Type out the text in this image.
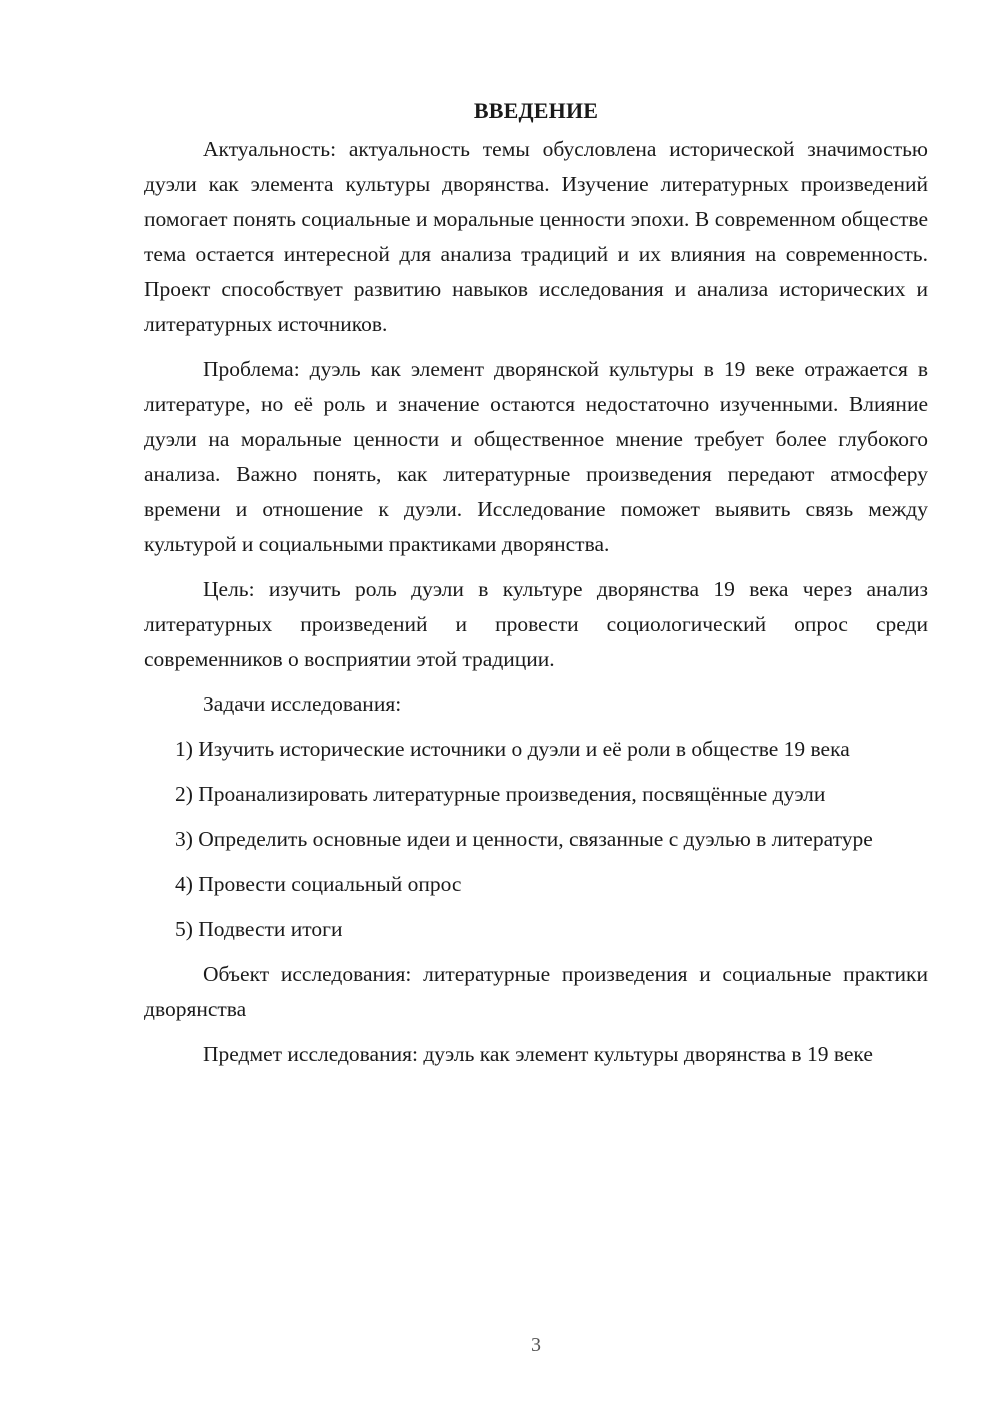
ВВЕДЕНИЕ

Актуальность: актуальность темы обусловлена исторической значимостью дуэли как элемента культуры дворянства. Изучение литературных произведений помогает понять социальные и моральные ценности эпохи. В современном обществе тема остается интересной для анализа традиций и их влияния на современность. Проект способствует развитию навыков исследования и анализа исторических и литературных источников.

Проблема: дуэль как элемент дворянской культуры в 19 веке отражается в литературе, но её роль и значение остаются недостаточно изученными. Влияние дуэли на моральные ценности и общественное мнение требует более глубокого анализа. Важно понять, как литературные произведения передают атмосферу времени и отношение к дуэли. Исследование поможет выявить связь между культурой и социальными практиками дворянства.

Цель: изучить роль дуэли в культуре дворянства 19 века через анализ литературных произведений и провести социологический опрос среди современников о восприятии этой традиции.

Задачи исследования:

1) Изучить исторические источники о дуэли и её роли в обществе 19 века
2) Проанализировать литературные произведения, посвящённые дуэли
3) Определить основные идеи и ценности, связанные с дуэлью в литературе
4) Провести социальный опрос
5) Подвести итоги

Объект исследования: литературные произведения и социальные практики дворянства

Предмет исследования: дуэль как элемент культуры дворянства в 19 веке

3
